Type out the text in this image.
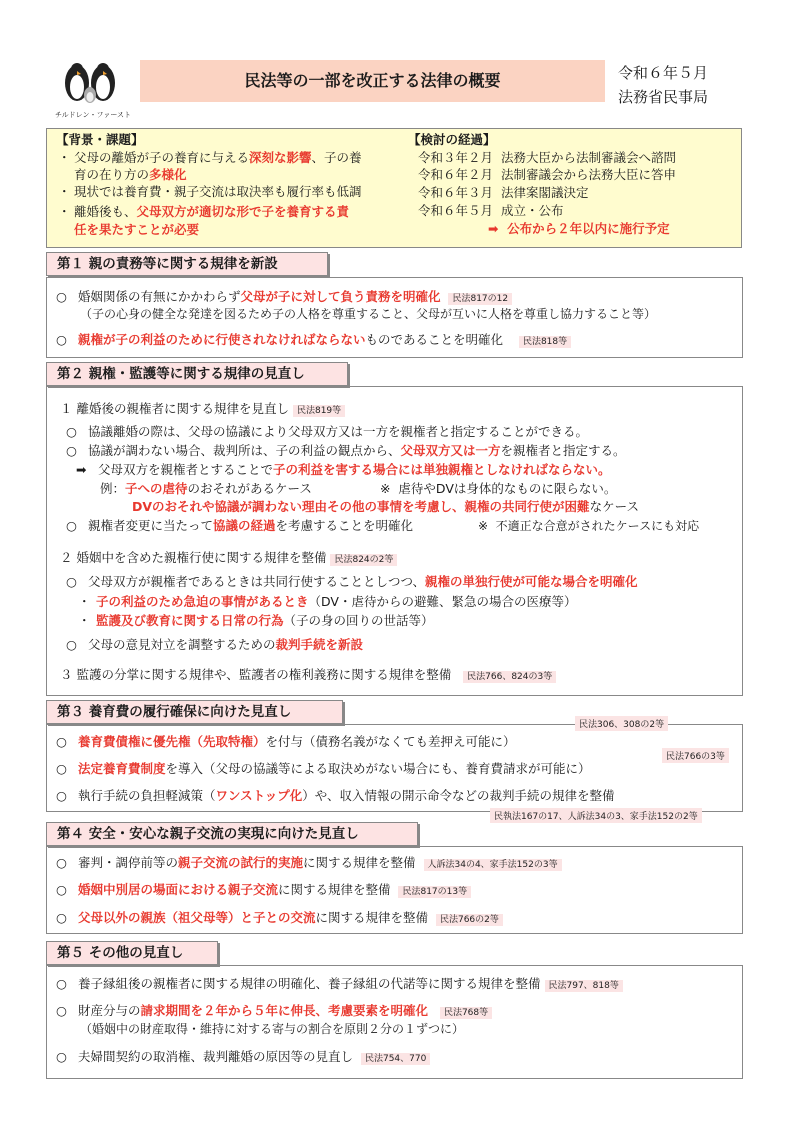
チルドレン・ファースト
民法等の一部を改正する法律の概要	令和６年５月
法務省民事局
【背景・課題】
・ 父母の離婚が子の養育に与える深刻な影響、子の養
育の在り方の多様化
・ 現状では養育費・親子交流は取決率も履行率も低調
・ 離婚後も、父母双方が適切な形で子を養育する責
任を果たすことが必要
【検討の経過】
令和３年２月  法務大臣から法制審議会へ諮問
令和６年２月  法制審議会から法務大臣に答申
令和６年３月  法律案閣議決定
令和６年５月  成立・公布
➡  公布から２年以内に施行予定
第１ 親の責務等に関する規律を新設
○ 婚姻関係の有無にかかわらず父母が子に対して負う責務を明確化 民法817の12
（子の心身の健全な発達を図るため子の人格を尊重すること、父母が互いに人格を尊重し協力すること等）
○ 親権が子の利益のために行使されなければならないものであることを明確化 民法818等
第２ 親権・監護等に関する規律の見直し
１ 離婚後の親権者に関する規律を見直し 民法819等
○ 協議離婚の際は、父母の協議により父母双方又は一方を親権者と指定することができる。
○ 協議が調わない場合、裁判所は、子の利益の観点から、父母双方又は一方を親権者と指定する。
➡ 父母双方を親権者とすることで子の利益を害する場合には単独親権としなければならない。
例：子への虐待のおそれがあるケース	※  虐待やDVは身体的なものに限らない。
DVのおそれや協議が調わない理由その他の事情を考慮し、親権の共同行使が困難なケース
○ 親権者変更に当たって協議の経過を考慮することを明確化	※  不適正な合意がされたケースにも対応
２ 婚姻中を含めた親権行使に関する規律を整備 民法824の2等
○ 父母双方が親権者であるときは共同行使することとしつつ、親権の単独行使が可能な場合を明確化
・ 子の利益のため急迫の事情があるとき（DV・虐待からの避難、緊急の場合の医療等）
・ 監護及び教育に関する日常の行為（子の身の回りの世話等）
○ 父母の意見対立を調整するための裁判手続を新設
３ 監護の分掌に関する規律や、監護者の権利義務に関する規律を整備 民法766、824の3等
第３ 養育費の履行確保に向けた見直し
民法306、308の2等
○ 養育費債権に優先権（先取特権）を付与（債務名義がなくても差押え可能に）
民法766の3等
○ 法定養育費制度を導入（父母の協議等による取決めがない場合にも、養育費請求が可能に）
○ 執行手続の負担軽減策（ワンストップ化）や、収入情報の開示命令などの裁判手続の規律を整備
民執法167の17、人訴法34の3、家手法152の2等
第４ 安全・安心な親子交流の実現に向けた見直し
○ 審判・調停前等の親子交流の試行的実施に関する規律を整備 人訴法34の4、家手法152の3等
○ 婚姻中別居の場面における親子交流に関する規律を整備 民法817の13等
○ 父母以外の親族（祖父母等）と子との交流に関する規律を整備 民法766の2等
第５ その他の見直し
○ 養子縁組後の親権者に関する規律の明確化、養子縁組の代諾等に関する規律を整備 民法797、818等
○ 財産分与の請求期間を２年から５年に伸長、考慮要素を明確化 民法768等
（婚姻中の財産取得・維持に対する寄与の割合を原則２分の１ずつに）
○ 夫婦間契約の取消権、裁判離婚の原因等の見直し 民法754、770
